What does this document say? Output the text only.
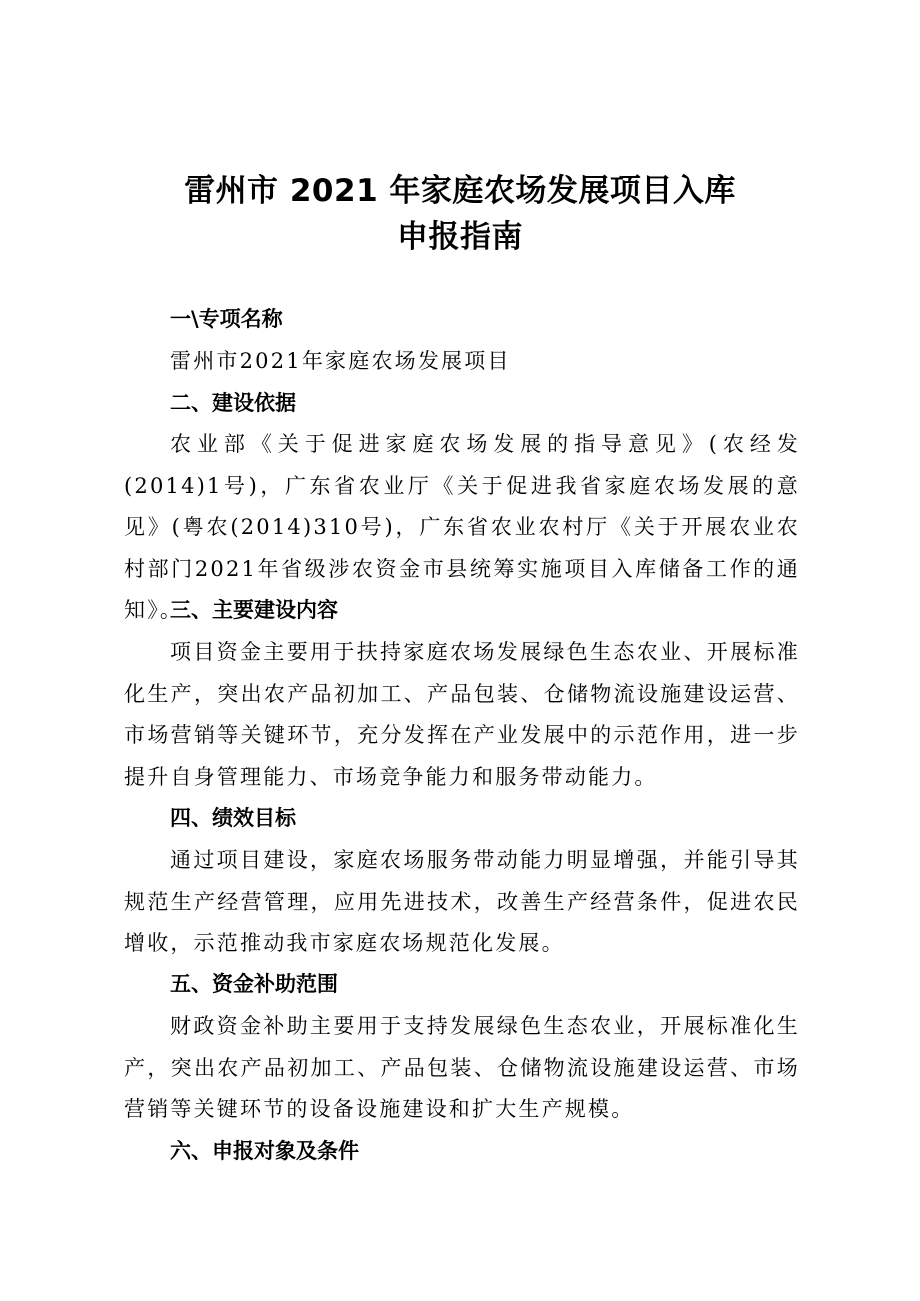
雷州市 2021 年家庭农场发展项目入库
申报指南
一\专项名称

雷州市2021年家庭农场发展项目

二、建设依据

农业部《关于促进家庭农场发展的指导意见》(农经发(2014)1号)，广东省农业厅《关于促进我省家庭农场发展的意见》(粤农(2014)310号)，广东省农业农村厅《关于开展农业农村部门2021年省级涉农资金市县统筹实施项目入库储备工作的通知》。

三、主要建设内容

项目资金主要用于扶持家庭农场发展绿色生态农业、开展标准化生产，突出农产品初加工、产品包装、仓储物流设施建设运营、市场营销等关键环节，充分发挥在产业发展中的示范作用，进一步提升自身管理能力、市场竞争能力和服务带动能力。

四、绩效目标

通过项目建设，家庭农场服务带动能力明显增强，并能引导其规范生产经营管理，应用先进技术，改善生产经营条件，促进农民增收，示范推动我市家庭农场规范化发展。

五、资金补助范围

财政资金补助主要用于支持发展绿色生态农业，开展标准化生产，突出农产品初加工、产品包装、仓储物流设施建设运营、市场营销等关键环节的设备设施建设和扩大生产规模。

六、申报对象及条件
